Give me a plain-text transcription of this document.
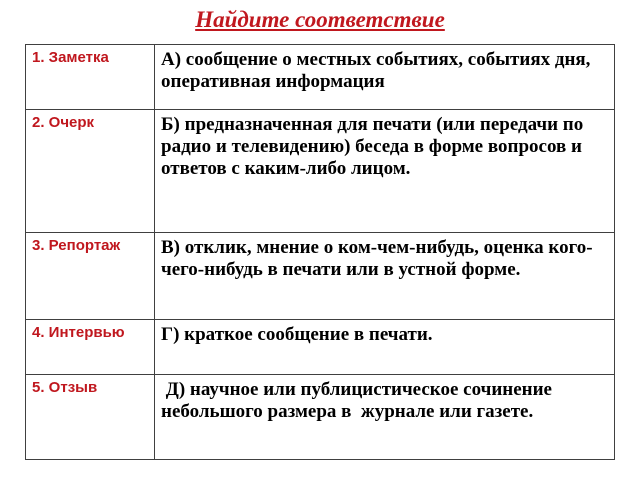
Найдите соответствие
1. Заметка	А) сообщение о местных событиях, событиях дня, оперативная информация
2. Очерк	Б) предназначенная для печати (или передачи по радио и телевидению) беседа в форме вопросов и ответов с каким-либо лицом.
3. Репортаж	В) отклик, мнение о ком-чем-нибудь, оценка кого-чего-нибудь в печати или в устной форме.
4. Интервью	Г) краткое сообщение в печати.
5. Отзыв	Д) научное или публицистическое сочинение небольшого размера в  журнале или газете.
